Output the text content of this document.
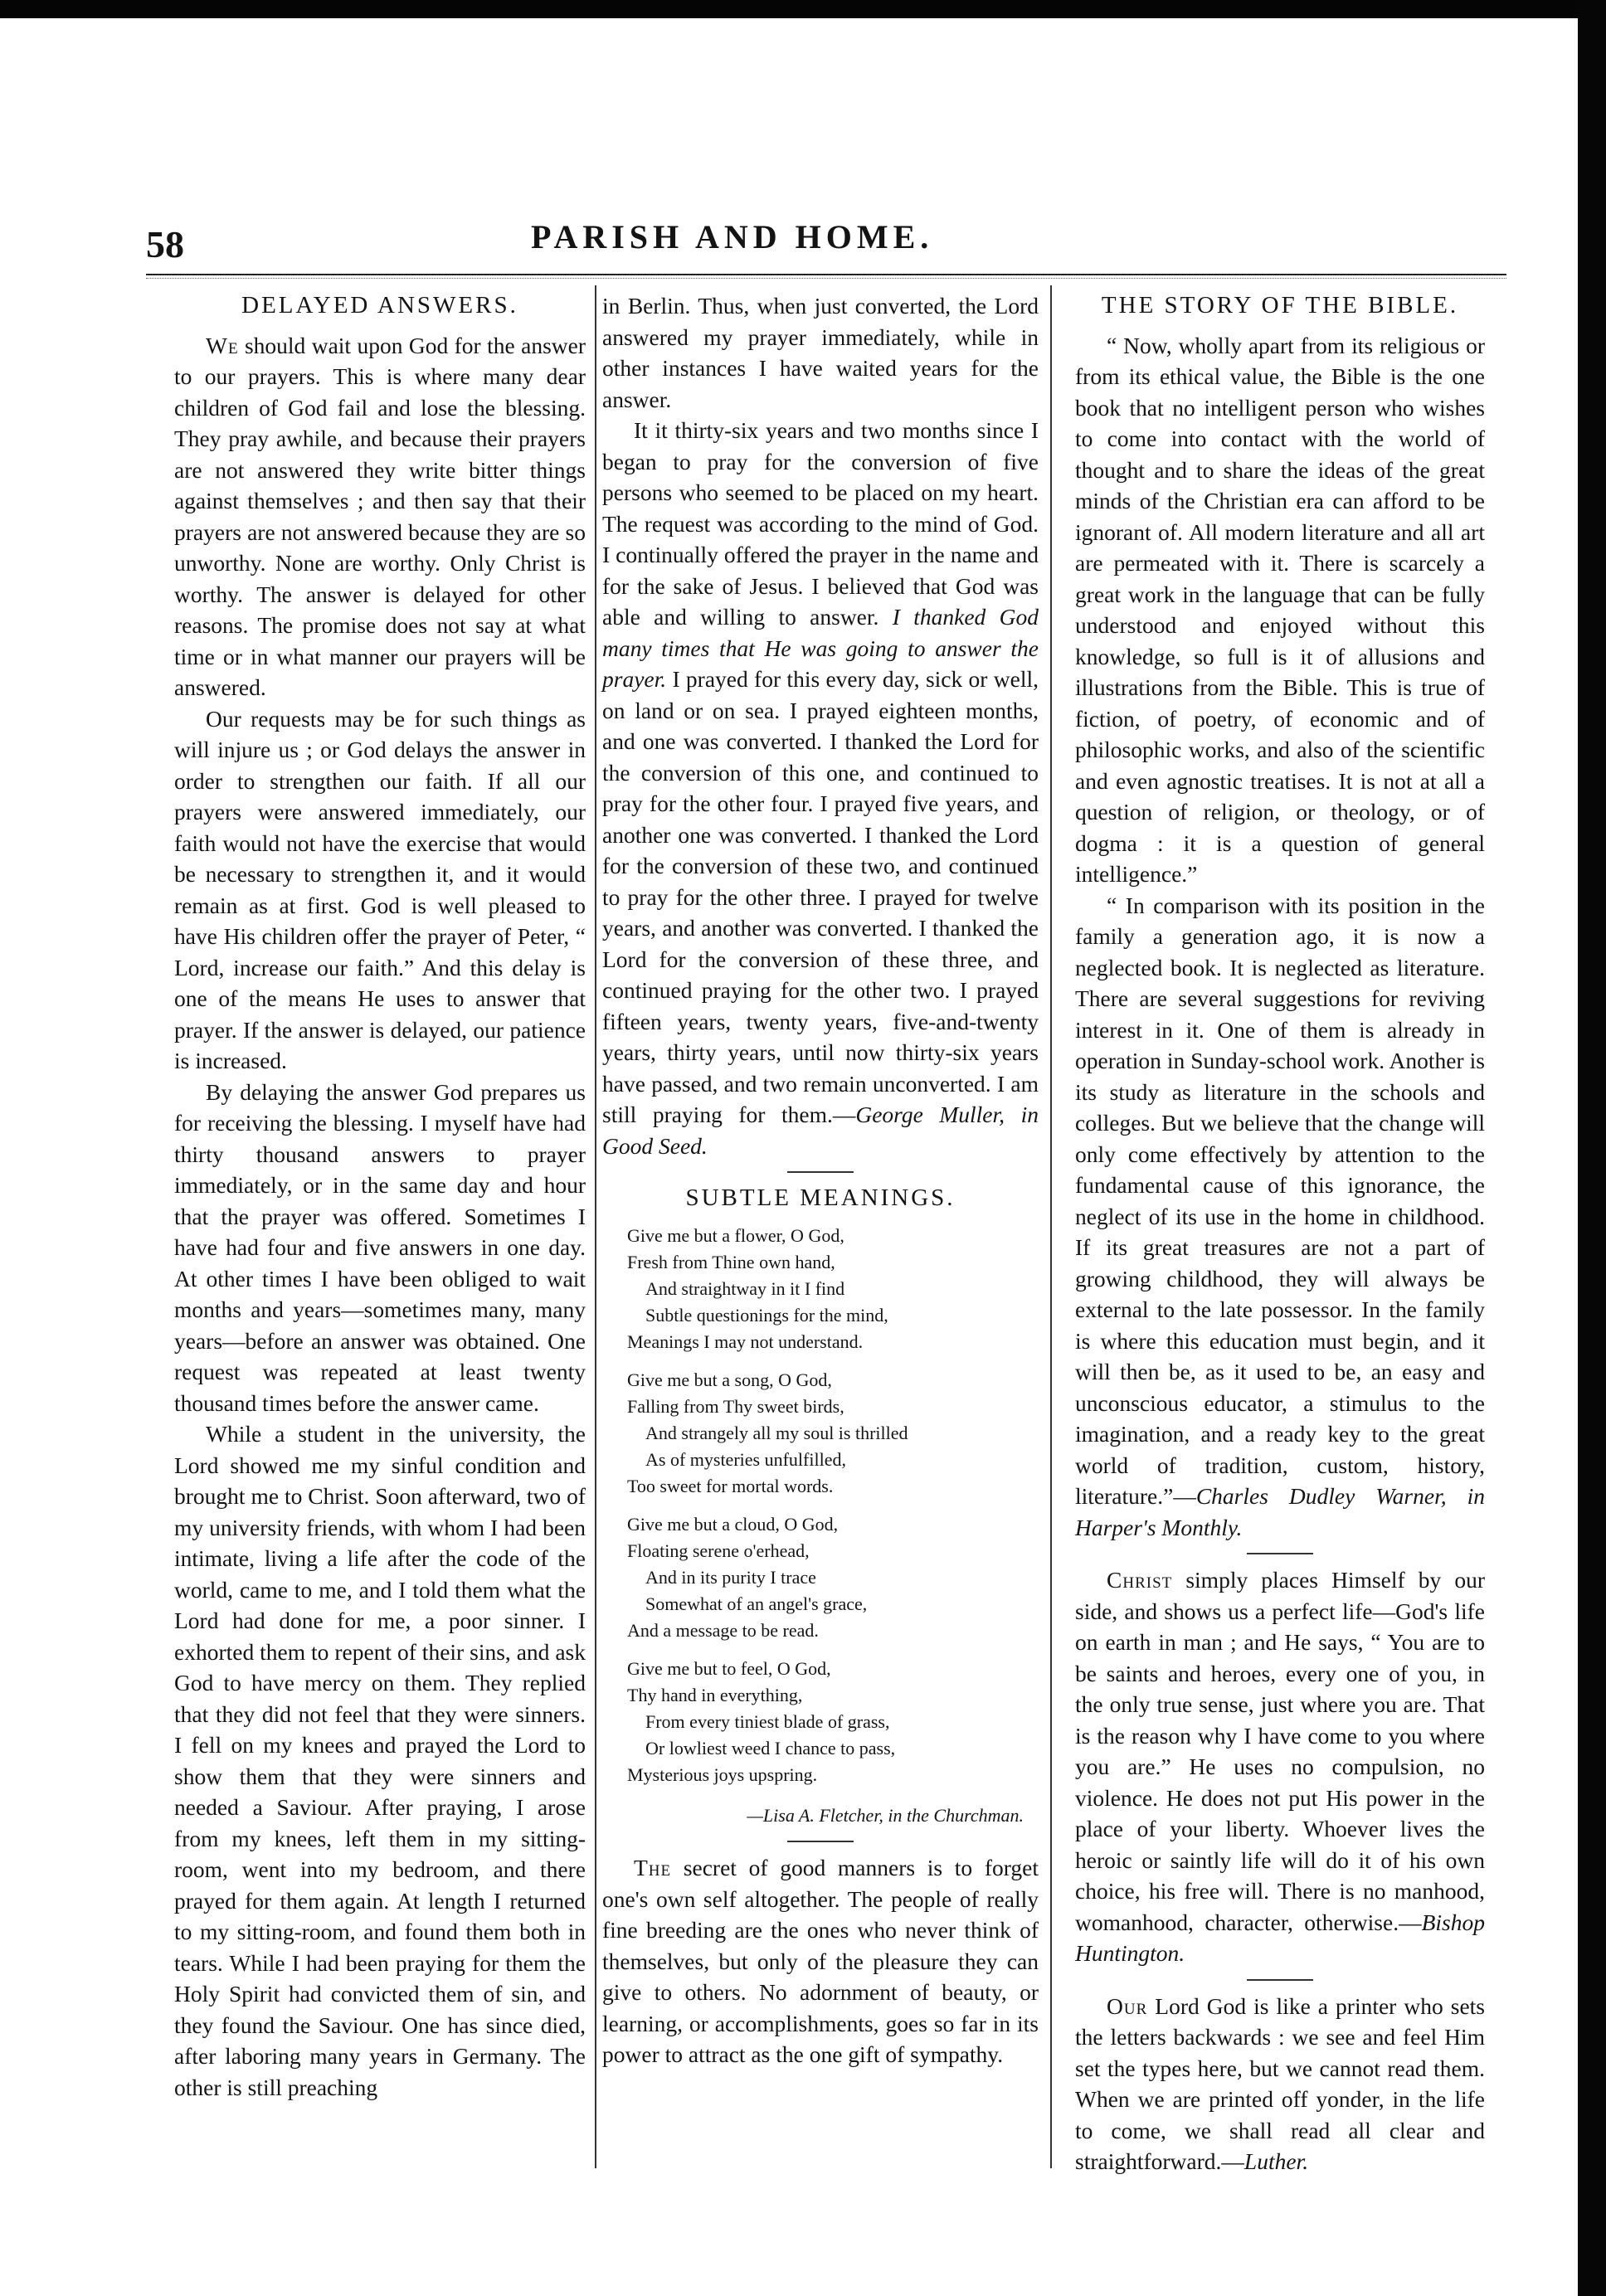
58	PARISH AND HOME.
DELAYED ANSWERS.

We should wait upon God for the answer to our prayers. This is where many dear children of God fail and lose the blessing. They pray awhile, and because their prayers are not answered they write bitter things against themselves ; and then say that their prayers are not answered because they are so unworthy. None are worthy. Only Christ is worthy. The answer is delayed for other reasons. The promise does not say at what time or in what manner our prayers will be answered.

Our requests may be for such things as will injure us ; or God delays the answer in order to strengthen our faith. If all our prayers were answered immediately, our faith would not have the exercise that would be necessary to strengthen it, and it would remain as at first. God is well pleased to have His children offer the prayer of Peter, “ Lord, increase our faith.” And this delay is one of the means He uses to answer that prayer. If the answer is delayed, our patience is increased.

By delaying the answer God prepares us for receiving the blessing. I myself have had thirty thousand answers to prayer immediately, or in the same day and hour that the prayer was offered. Sometimes I have had four and five answers in one day. At other times I have been obliged to wait months and years—sometimes many, many years—before an answer was obtained. One request was repeated at least twenty thousand times before the answer came.

While a student in the university, the Lord showed me my sinful condition and brought me to Christ. Soon afterward, two of my university friends, with whom I had been intimate, living a life after the code of the world, came to me, and I told them what the Lord had done for me, a poor sinner. I exhorted them to repent of their sins, and ask God to have mercy on them. They replied that they did not feel that they were sinners. I fell on my knees and prayed the Lord to show them that they were sinners and needed a Saviour. After praying, I arose from my knees, left them in my sitting-room, went into my bedroom, and there prayed for them again. At length I returned to my sitting-room, and found them both in tears. While I had been praying for them the Holy Spirit had convicted them of sin, and they found the Saviour. One has since died, after laboring many years in Germany. The other is still preaching

in Berlin. Thus, when just converted, the Lord answered my prayer immediately, while in other instances I have waited years for the answer.

It it thirty-six years and two months since I began to pray for the conversion of five persons who seemed to be placed on my heart. The request was according to the mind of God. I continually offered the prayer in the name and for the sake of Jesus. I believed that God was able and willing to answer. I thanked God many times that He was going to answer the prayer. I prayed for this every day, sick or well, on land or on sea. I prayed eighteen months, and one was converted. I thanked the Lord for the conversion of this one, and continued to pray for the other four. I prayed five years, and another one was converted. I thanked the Lord for the conversion of these two, and continued to pray for the other three. I prayed for twelve years, and another was converted. I thanked the Lord for the conversion of these three, and continued praying for the other two. I prayed fifteen years, twenty years, five-and-twenty years, thirty years, until now thirty-six years have passed, and two remain unconverted. I am still praying for them.—George Muller, in Good Seed.

SUBTLE MEANINGS.
Give me but a flower, O God,
Fresh from Thine own hand,
And straightway in it I find
Subtle questionings for the mind,
Meanings I may not understand.
Give me but a song, O God,
Falling from Thy sweet birds,
And strangely all my soul is thrilled
As of mysteries unfulfilled,
Too sweet for mortal words.
Give me but a cloud, O God,
Floating serene o'erhead,
And in its purity I trace
Somewhat of an angel's grace,
And a message to be read.
Give me but to feel, O God,
Thy hand in everything,
From every tiniest blade of grass,
Or lowliest weed I chance to pass,
Mysterious joys upspring.
—Lisa A. Fletcher, in the Churchman.

The secret of good manners is to forget one's own self altogether. The people of really fine breeding are the ones who never think of themselves, but only of the pleasure they can give to others. No adornment of beauty, or learning, or accomplishments, goes so far in its power to attract as the one gift of sympathy.

THE STORY OF THE BIBLE.

“ Now, wholly apart from its religious or from its ethical value, the Bible is the one book that no intelligent person who wishes to come into contact with the world of thought and to share the ideas of the great minds of the Christian era can afford to be ignorant of. All modern literature and all art are permeated with it. There is scarcely a great work in the language that can be fully understood and enjoyed without this knowledge, so full is it of allusions and illustrations from the Bible. This is true of fiction, of poetry, of economic and of philosophic works, and also of the scientific and even agnostic treatises. It is not at all a question of religion, or theology, or of dogma : it is a question of general intelligence.”

“ In comparison with its position in the family a generation ago, it is now a neglected book. It is neglected as literature. There are several suggestions for reviving interest in it. One of them is already in operation in Sunday-school work. Another is its study as literature in the schools and colleges. But we believe that the change will only come effectively by attention to the fundamental cause of this ignorance, the neglect of its use in the home in childhood. If its great treasures are not a part of growing childhood, they will always be external to the late possessor. In the family is where this education must begin, and it will then be, as it used to be, an easy and unconscious educator, a stimulus to the imagination, and a ready key to the great world of tradition, custom, history, literature.”—Charles Dudley Warner, in Harper's Monthly.

Christ simply places Himself by our side, and shows us a perfect life—God's life on earth in man ; and He says, “ You are to be saints and heroes, every one of you, in the only true sense, just where you are. That is the reason why I have come to you where you are.” He uses no compulsion, no violence. He does not put His power in the place of your liberty. Whoever lives the heroic or saintly life will do it of his own choice, his free will. There is no manhood, womanhood, character, otherwise.—Bishop Huntington.

Our Lord God is like a printer who sets the letters backwards : we see and feel Him set the types here, but we cannot read them. When we are printed off yonder, in the life to come, we shall read all clear and straightforward.—Luther.
